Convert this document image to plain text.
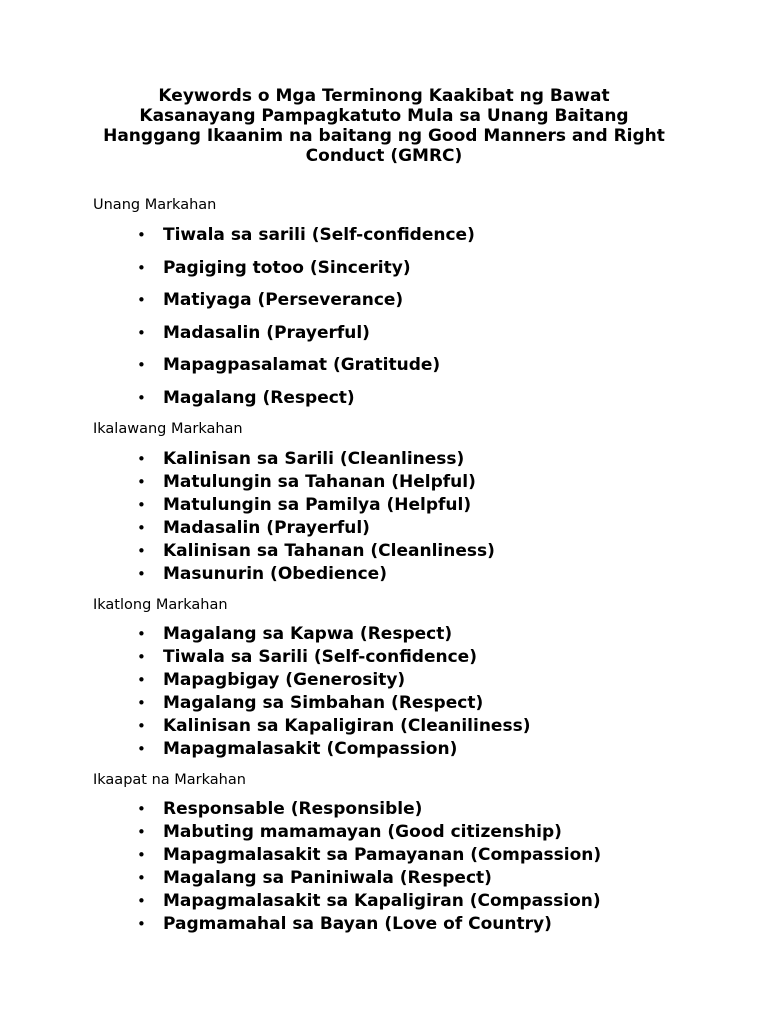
Keywords o Mga Terminong Kaakibat ng Bawat Kasanayang Pampagkatuto Mula sa Unang Baitang Hanggang Ikaanim na baitang ng Good Manners and Right Conduct (GMRC)
Unang Markahan
• Tiwala sa sarili (Self-confidence)
• Pagiging totoo (Sincerity)
• Matiyaga (Perseverance)
• Madasalin (Prayerful)
• Mapagpasalamat (Gratitude)
• Magalang (Respect)
Ikalawang Markahan
• Kalinisan sa Sarili (Cleanliness)
• Matulungin sa Tahanan (Helpful)
• Matulungin sa Pamilya (Helpful)
• Madasalin (Prayerful)
• Kalinisan sa Tahanan (Cleanliness)
• Masunurin (Obedience)
Ikatlong Markahan
• Magalang sa Kapwa (Respect)
• Tiwala sa Sarili (Self-confidence)
• Mapagbigay (Generosity)
• Magalang sa Simbahan (Respect)
• Kalinisan sa Kapaligiran (Cleaniliness)
• Mapagmalasakit (Compassion)
Ikaapat na Markahan
• Responsable (Responsible)
• Mabuting mamamayan (Good citizenship)
• Mapagmalasakit sa Pamayanan (Compassion)
• Magalang sa Paniniwala (Respect)
• Mapagmalasakit sa Kapaligiran (Compassion)
• Pagmamahal sa Bayan (Love of Country)
